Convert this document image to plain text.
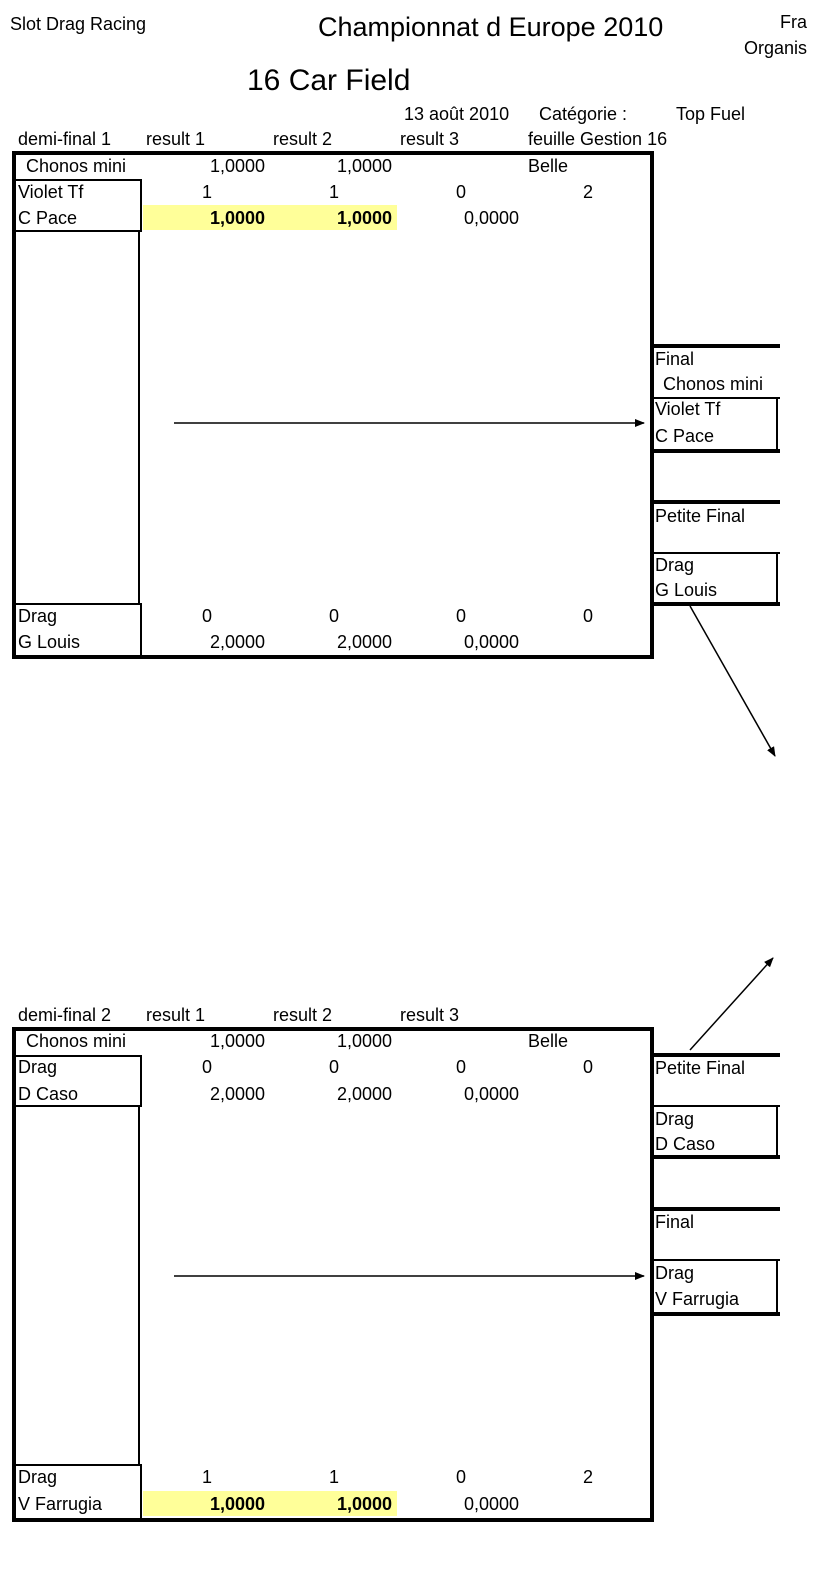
Slot Drag Racing	Championnat d Europe 2010	Fra
Organis
16 Car Field
13 août 2010 Catégorie :	Top Fuel
demi-final 1 result 1	result 2	result 3	feuille Gestion 16
Chonos mini	1,0000	1,0000	Belle
Violet Tf	1	1	0	2
C Pace	1,0000	1,0000	0,0000
Drag	0	0	0	0
G Louis	2,0000	2,0000	0,0000
Final
Chonos mini
Violet Tf
C Pace
Petite Final
Drag
G Louis
demi-final 2 result 1	result 2	result 3
Chonos mini	1,0000	1,0000	Belle
Drag	0	0	0	0
D Caso	2,0000	2,0000	0,0000
Drag	1	1	0	2
V Farrugia	1,0000	1,0000	0,0000
Petite Final
Drag
D Caso
Final
Drag
V Farrugia
